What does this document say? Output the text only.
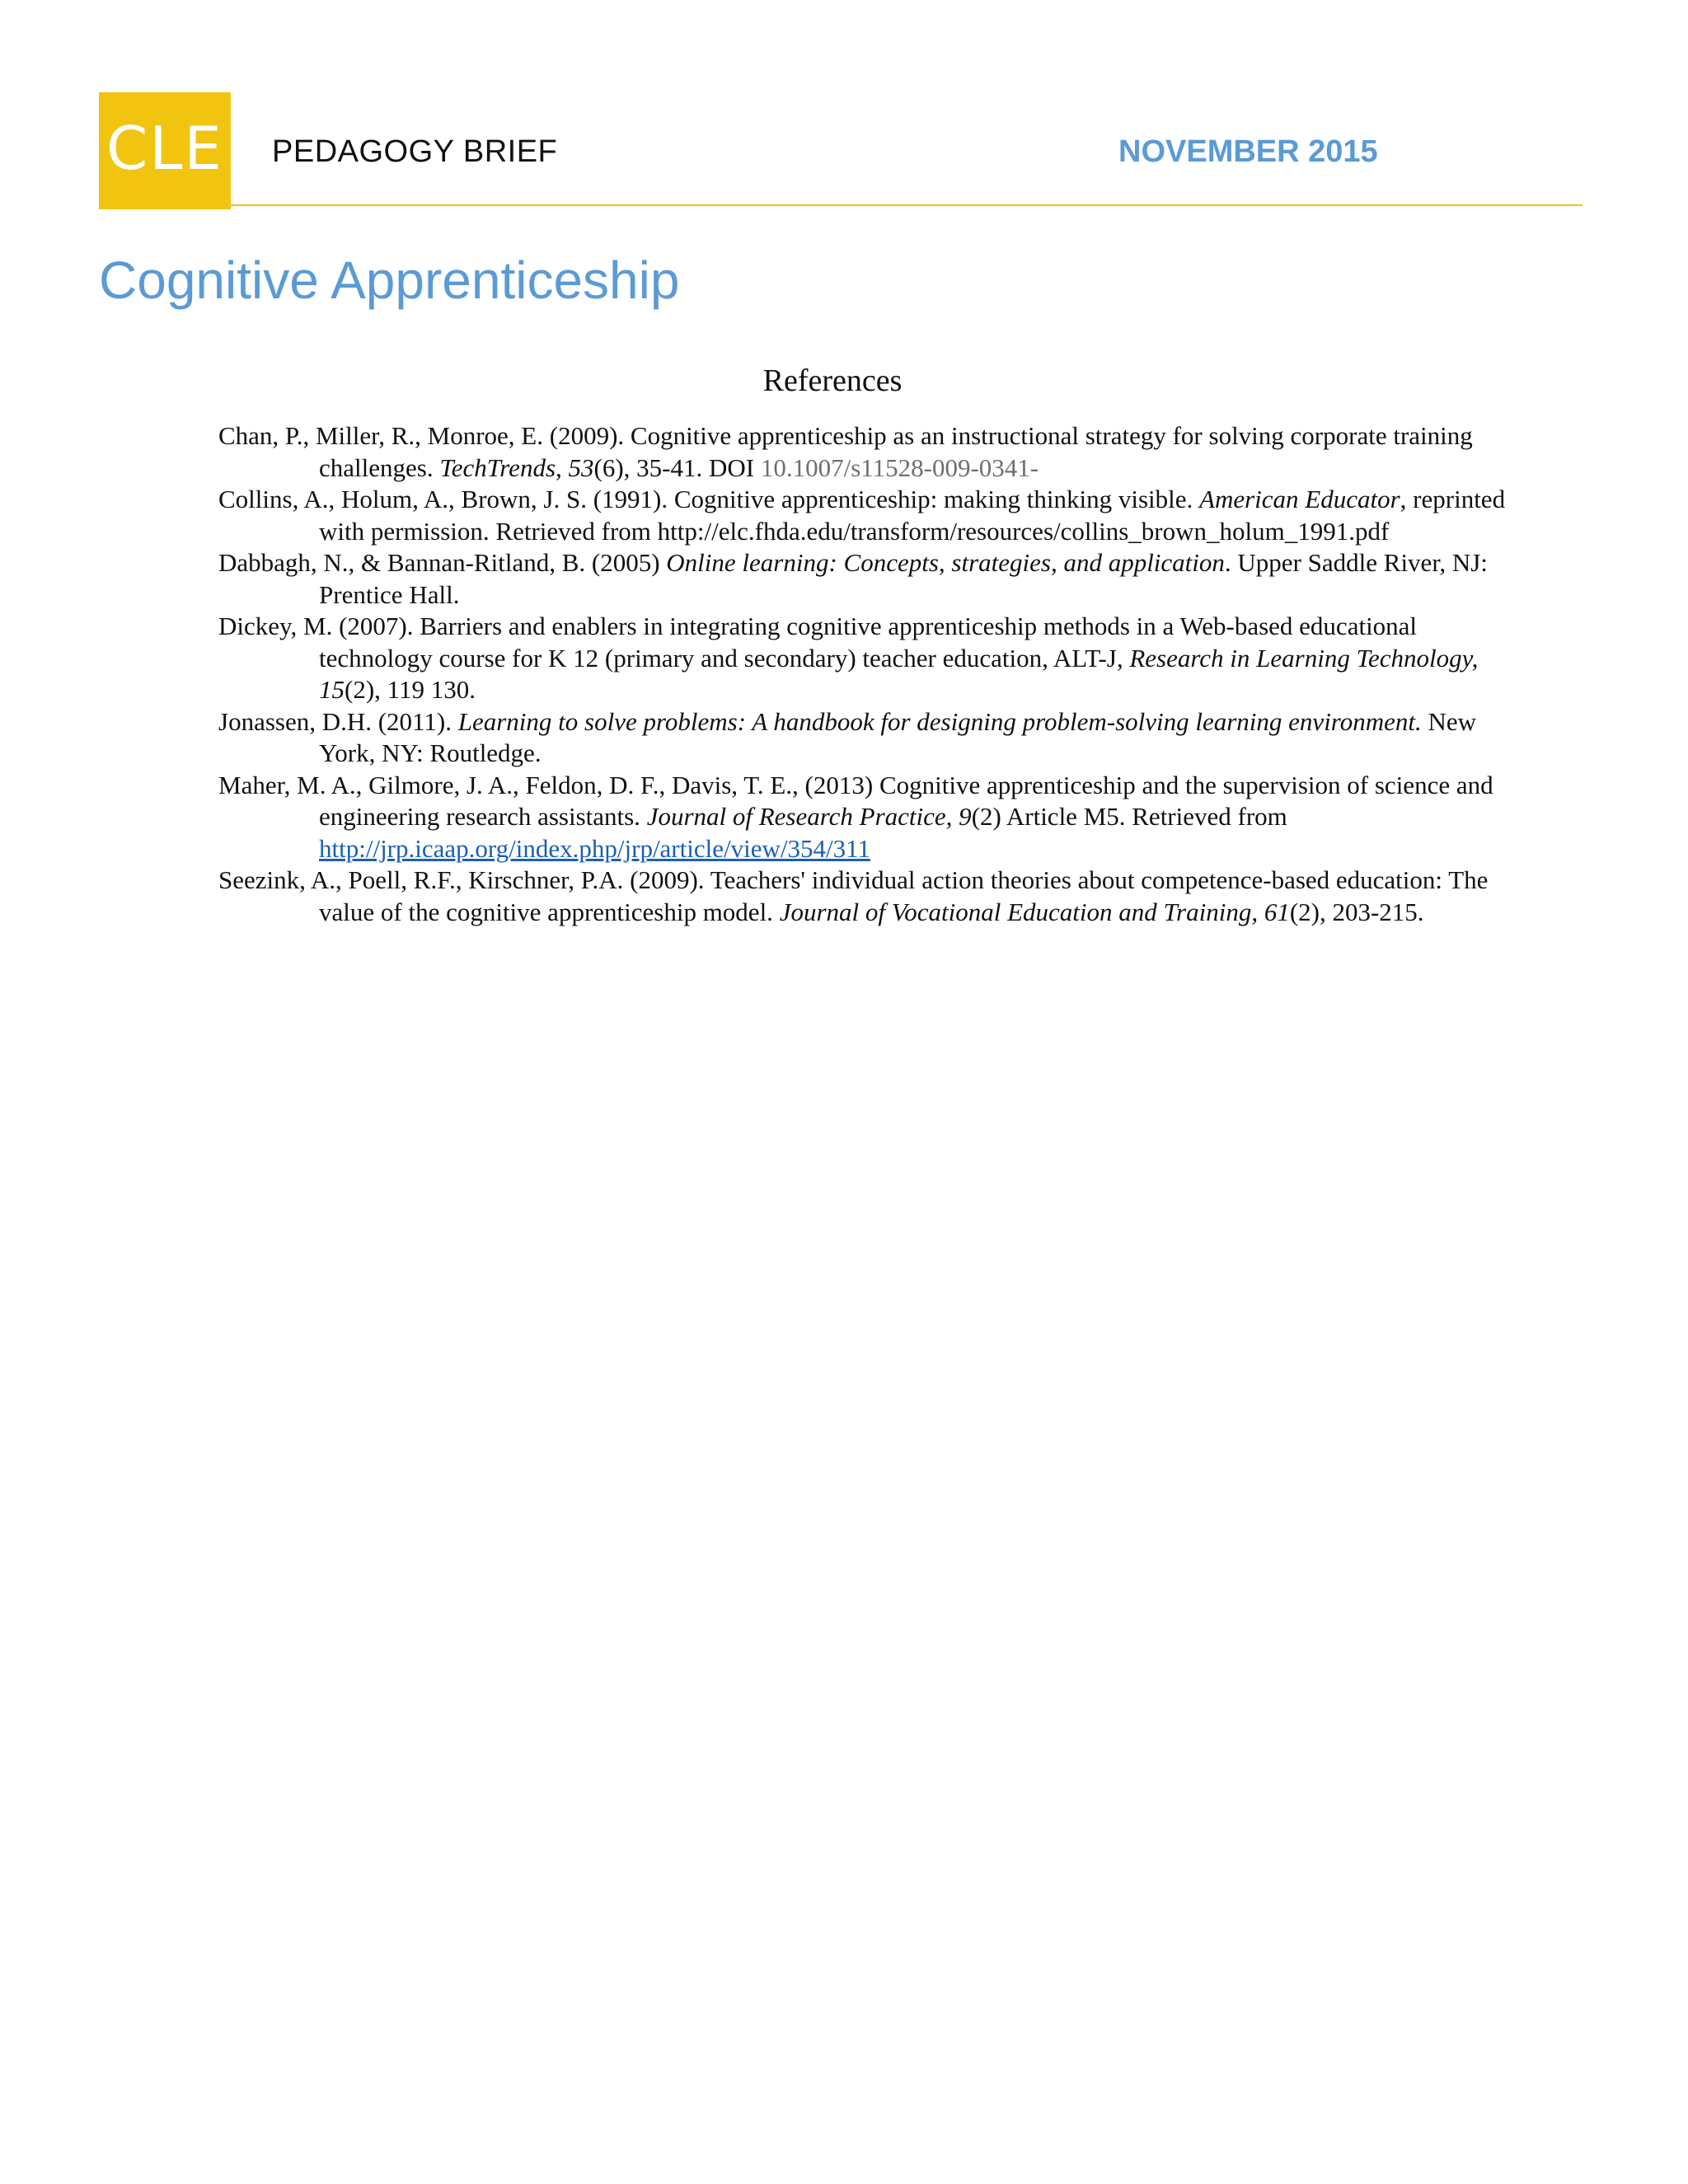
CLE PEDAGOGY BRIEF	NOVEMBER 2015
Cognitive Apprenticeship
References
Chan, P., Miller, R., Monroe, E. (2009). Cognitive apprenticeship as an instructional strategy for solving corporate training challenges. TechTrends, 53(6), 35-41. DOI 10.1007/s11528-009-0341-
Collins, A., Holum, A., Brown, J. S. (1991). Cognitive apprenticeship: making thinking visible. American Educator, reprinted with permission. Retrieved from http://elc.fhda.edu/transform/resources/collins_brown_holum_1991.pdf
Dabbagh, N., & Bannan-Ritland, B. (2005) Online learning: Concepts, strategies, and application. Upper Saddle River, NJ: Prentice Hall.
Dickey, M. (2007). Barriers and enablers in integrating cognitive apprenticeship methods in a Web-based educational technology course for K 12 (primary and secondary) teacher education, ALT-J, Research in Learning Technology, 15(2), 119 130.
Jonassen, D.H. (2011). Learning to solve problems: A handbook for designing problem-solving learning environment. New York, NY: Routledge.
Maher, M. A., Gilmore, J. A., Feldon, D. F., Davis, T. E., (2013) Cognitive apprenticeship and the supervision of science and engineering research assistants. Journal of Research Practice, 9(2) Article M5. Retrieved from http://jrp.icaap.org/index.php/jrp/article/view/354/311
Seezink, A., Poell, R.F., Kirschner, P.A. (2009). Teachers' individual action theories about competence-based education: The value of the cognitive apprenticeship model. Journal of Vocational Education and Training, 61(2), 203-215.
